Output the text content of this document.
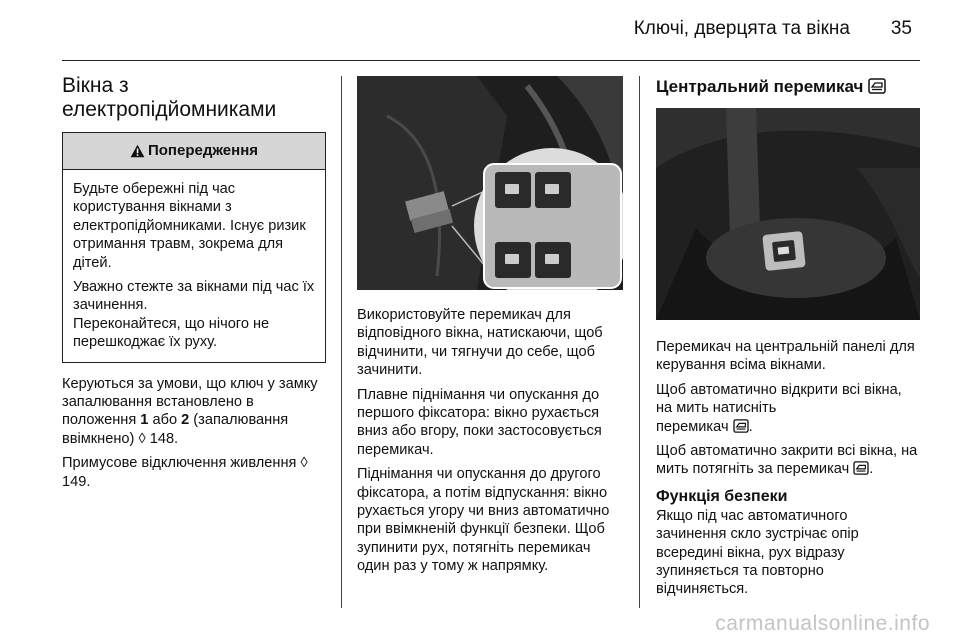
Ключі, дверцята та вікна 35
Вікна з
електропідйомниками
Попередження

Будьте обережні під час користування вікнами з електропідйомниками. Існує ризик отримання травм, зокрема для дітей.

Уважно стежте за вікнами під час їх зачинення.
Переконайтеся, що нічого не перешкоджає їх руху.

Керуються за умови, що ключ у замку запалювання встановлено в положення 1 або 2 (запалювання ввімкнено) ◊ 148.

Примусове відключення живлення ◊ 149.

Використовуйте перемикач для відповідного вікна, натискаючи, щоб відчинити, чи тягнучи до себе, щоб зачинити.

Плавне піднімання чи опускання до першого фіксатора: вікно рухається вниз або вгору, поки застосовується перемикач.

Піднімання чи опускання до другого фіксатора, а потім відпускання: вікно рухається угору чи вниз автоматично при ввімкненій функції безпеки. Щоб зупинити рух, потягніть перемикач один раз у тому ж напрямку.

Центральний перемикач

Перемикач на центральній панелі для керування всіма вікнами.

Щоб автоматично відкрити всі вікна, на мить натисніть
перемикач .

Щоб автоматично закрити всі вікна, на мить потягніть за перемикач .

Функція безпеки

Якщо під час автоматичного зачинення скло зустрічає опір всередині вікна, рух відразу зупиняється та повторно відчиняється.

carmanualsonline.info
